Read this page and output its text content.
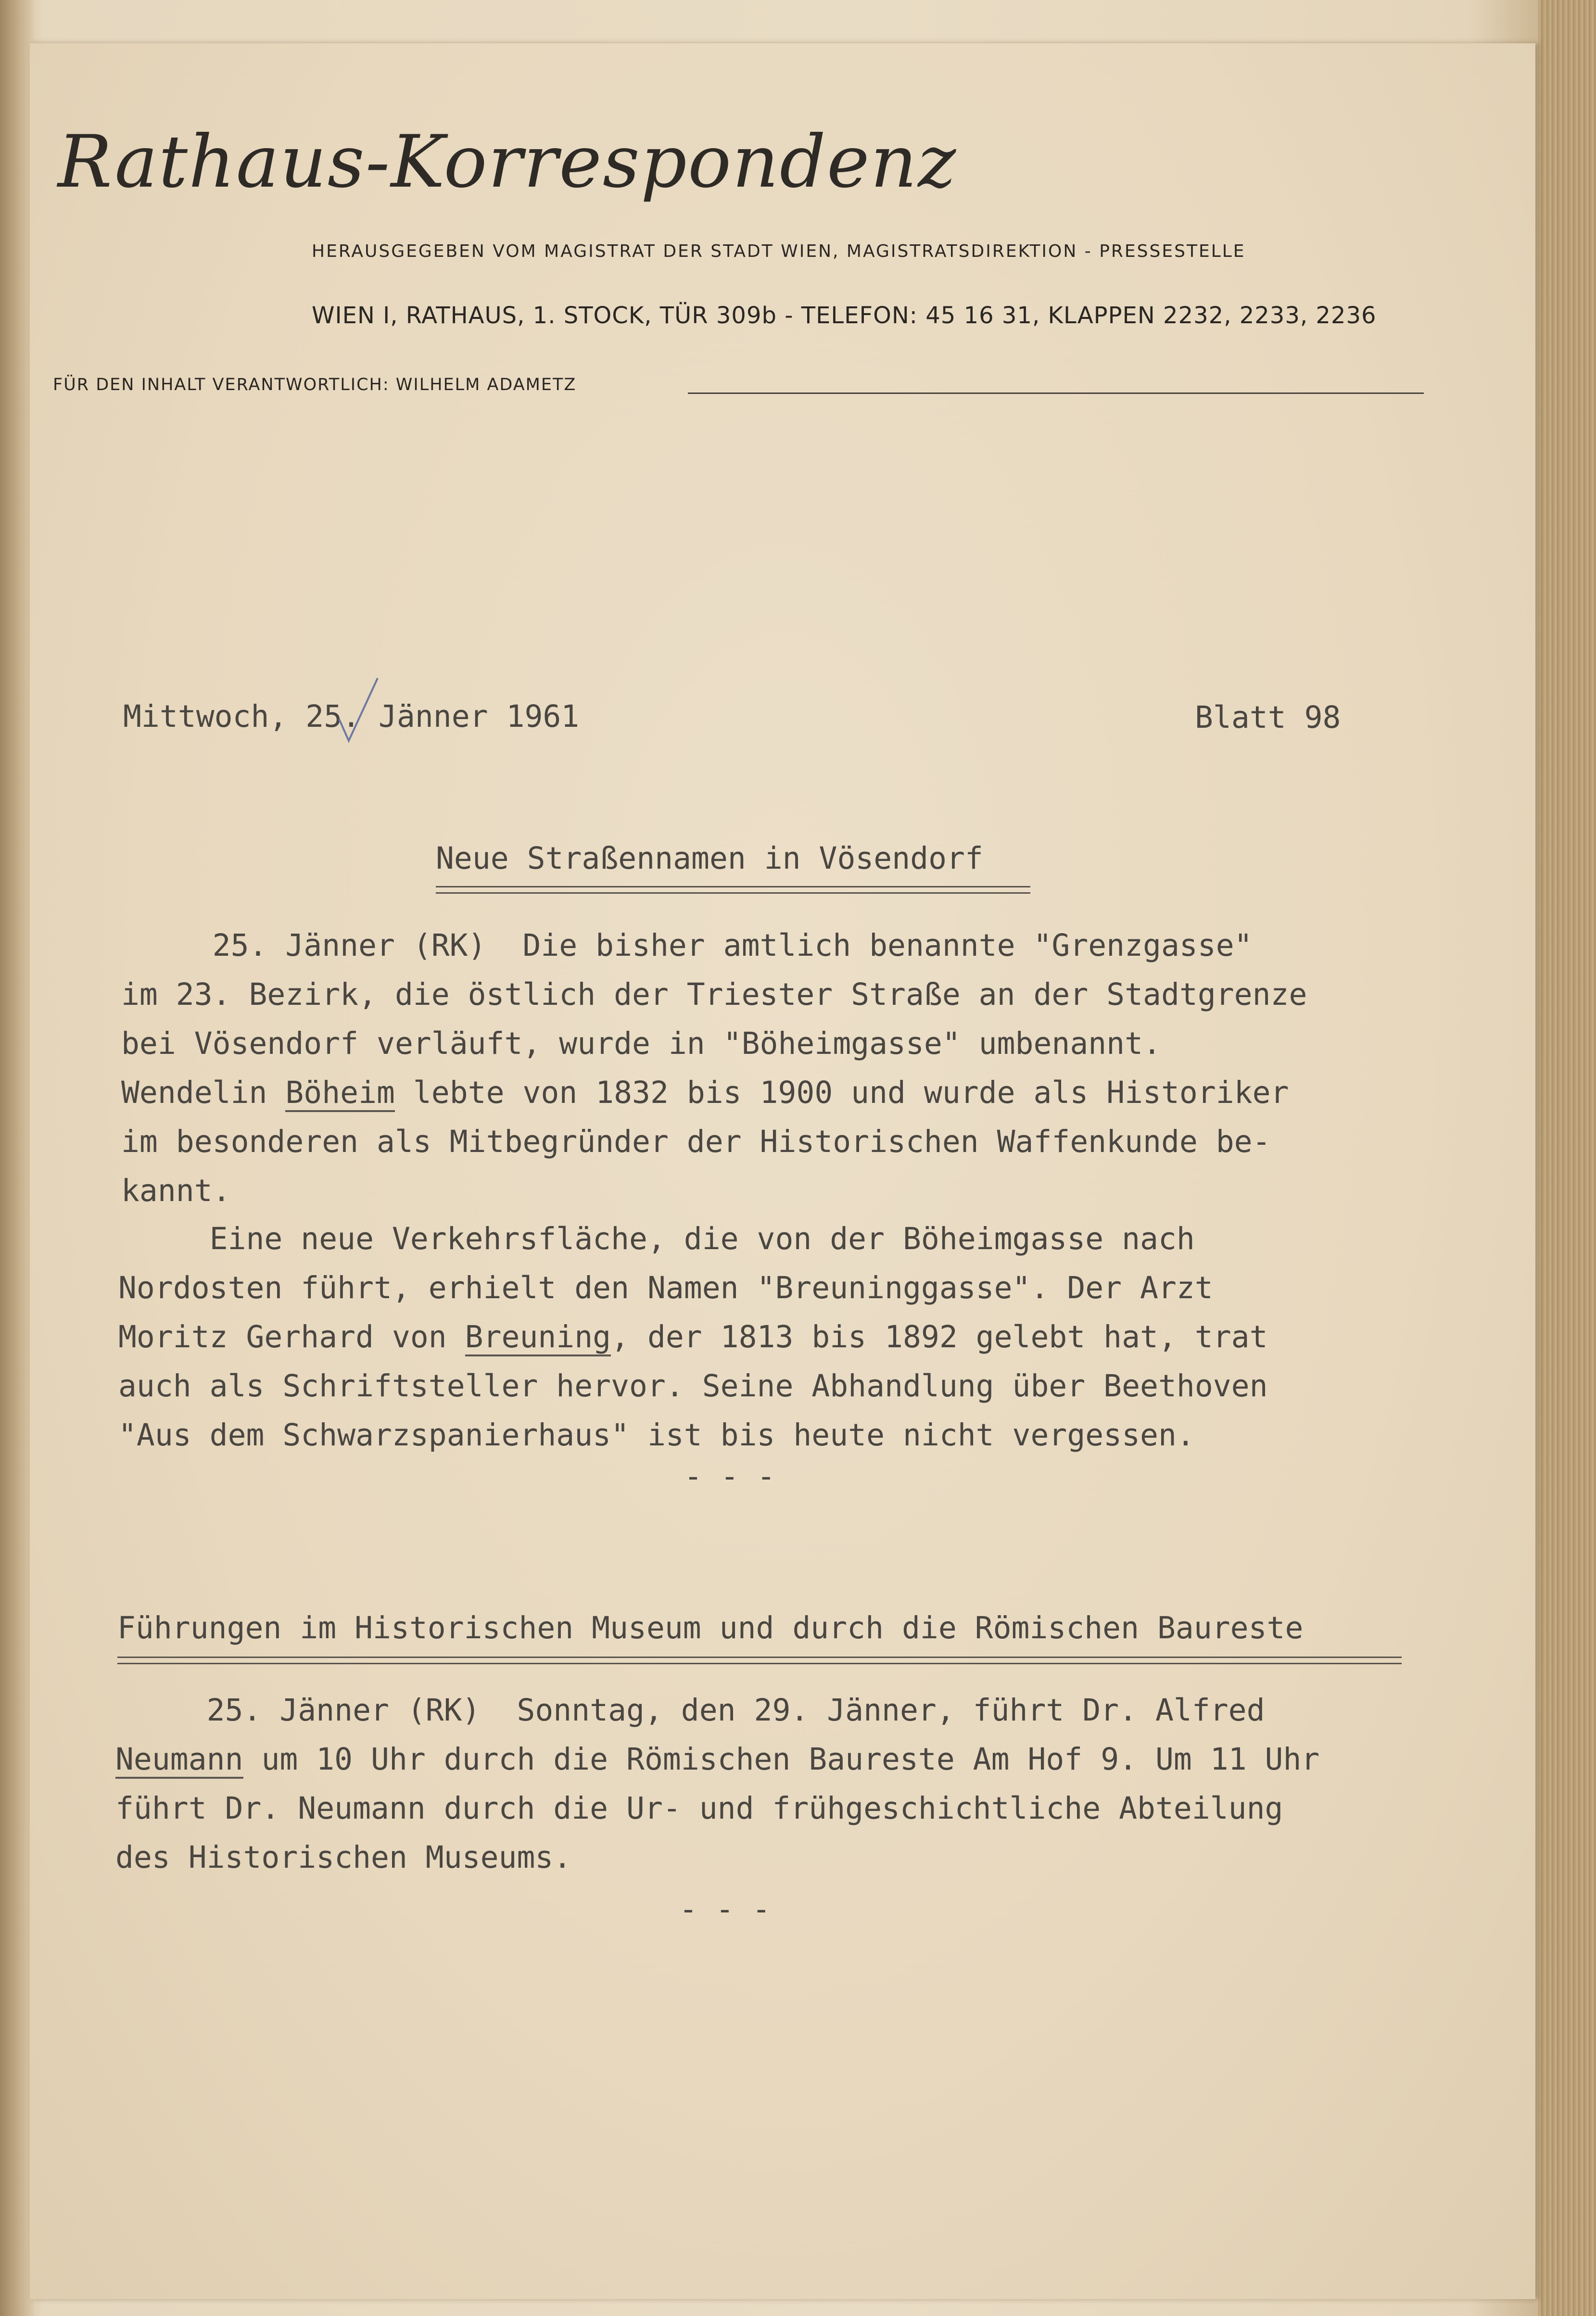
Rathaus-Korrespondenz
HERAUSGEGEBEN VOM MAGISTRAT DER STADT WIEN, MAGISTRATSDIREKTION - PRESSESTELLE
WIEN I, RATHAUS, 1. STOCK, TÜR 309b - TELEFON: 45 16 31, KLAPPEN 2232, 2233, 2236
FÜR DEN INHALT VERANTWORTLICH: WILHELM ADAMETZ
Mittwoch, 25. Jänner 1961	Blatt 98
Neue Straßennamen in Vösendorf
25. Jänner (RK)  Die bisher amtlich benannte "Grenzgasse"
im 23. Bezirk, die östlich der Triester Straße an der Stadtgrenze
bei Vösendorf verläuft, wurde in "Böheimgasse" umbenannt.
Wendelin Böheim lebte von 1832 bis 1900 und wurde als Historiker
im besonderen als Mitbegründer der Historischen Waffenkunde be-
kannt.
Eine neue Verkehrsfläche, die von der Böheimgasse nach
Nordosten führt, erhielt den Namen "Breuninggasse". Der Arzt
Moritz Gerhard von Breuning, der 1813 bis 1892 gelebt hat, trat
auch als Schriftsteller hervor. Seine Abhandlung über Beethoven
"Aus dem Schwarzspanierhaus" ist bis heute nicht vergessen.
- - -
Führungen im Historischen Museum und durch die Römischen Baureste
25. Jänner (RK)  Sonntag, den 29. Jänner, führt Dr. Alfred
Neumann um 10 Uhr durch die Römischen Baureste Am Hof 9. Um 11 Uhr
führt Dr. Neumann durch die Ur- und frühgeschichtliche Abteilung
des Historischen Museums.
- - -
